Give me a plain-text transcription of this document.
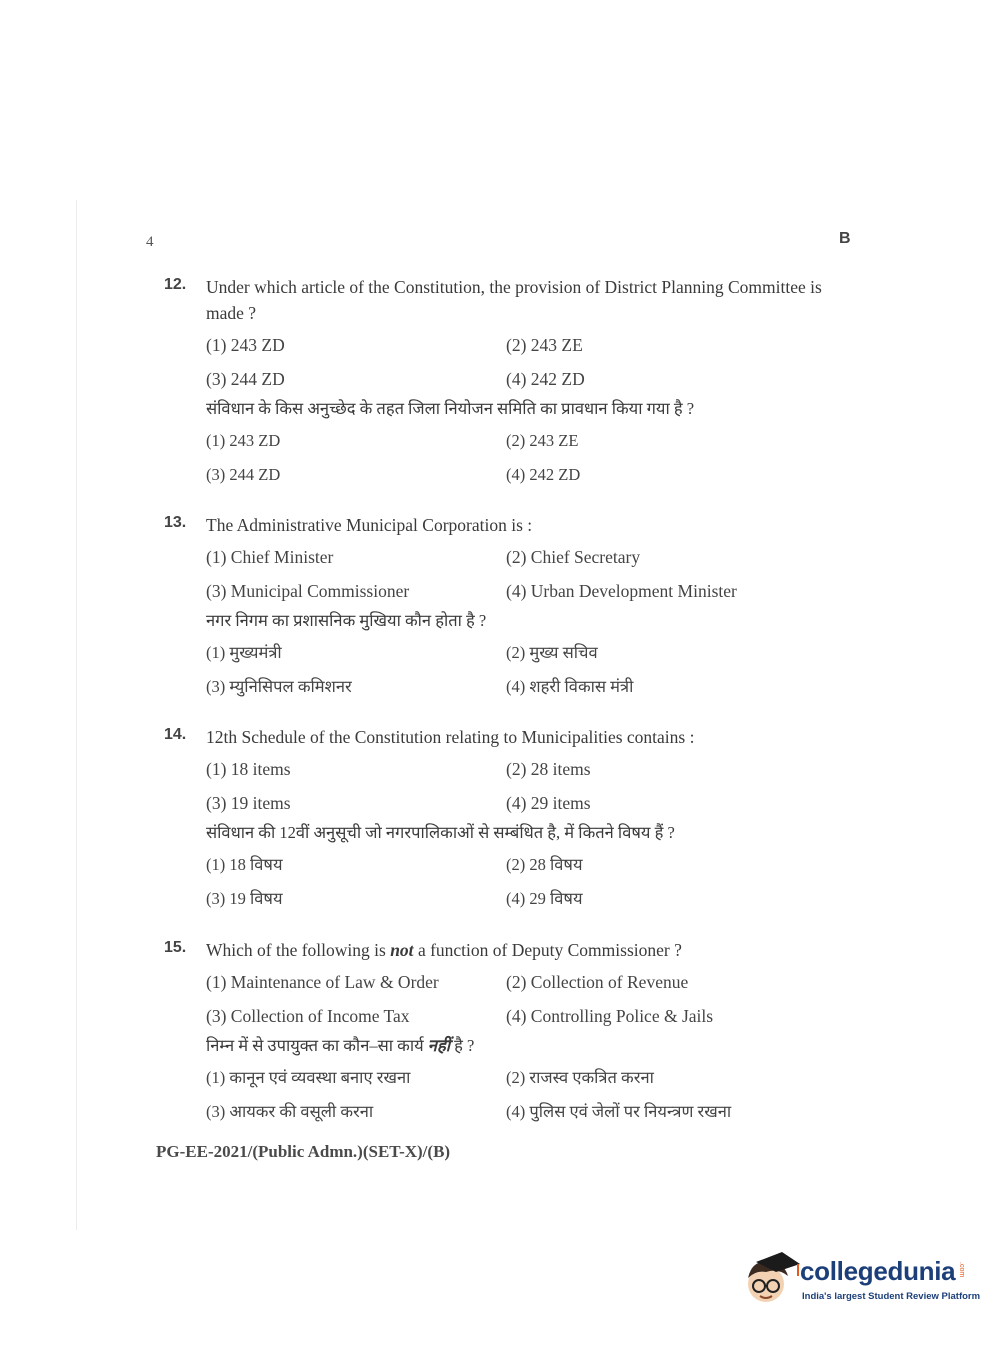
4	B
12.	Under which article of the Constitution, the provision of District Planning Committee is made ?
(1) 243 ZD	(2) 243 ZE
(3) 244 ZD	(4) 242 ZD
संविधान के किस अनुच्छेद के तहत जिला नियोजन समिति का प्रावधान किया गया है ?
(1) 243 ZD	(2) 243 ZE
(3) 244 ZD	(4) 242 ZD
13.	The Administrative Municipal Corporation is :
(1) Chief Minister	(2) Chief Secretary
(3) Municipal Commissioner	(4) Urban Development Minister
नगर निगम का प्रशासनिक मुखिया कौन होता है ?
(1) मुख्यमंत्री	(2) मुख्य सचिव
(3) म्युनिसिपल कमिशनर	(4) शहरी विकास मंत्री
14.	12th Schedule of the Constitution relating to Municipalities contains :
(1) 18 items	(2) 28 items
(3) 19 items	(4) 29 items
संविधान की 12वीं अनुसूची जो नगरपालिकाओं से सम्बंधित है, में कितने विषय हैं ?
(1) 18 विषय	(2) 28 विषय
(3) 19 विषय	(4) 29 विषय
15.	Which of the following is not a function of Deputy Commissioner ?
(1) Maintenance of Law & Order	(2) Collection of Revenue
(3) Collection of Income Tax	(4) Controlling Police & Jails
निम्न में से उपायुक्त का कौन–सा कार्य नहीं है ?
(1) कानून एवं व्यवस्था बनाए रखना	(2) राजस्व एकत्रित करना
(3) आयकर की वसूली करना	(4) पुलिस एवं जेलों पर नियन्त्रण रखना
PG-EE-2021/(Public Admn.)(SET-X)/(B)
collegedunia .com
India's largest Student Review Platform
